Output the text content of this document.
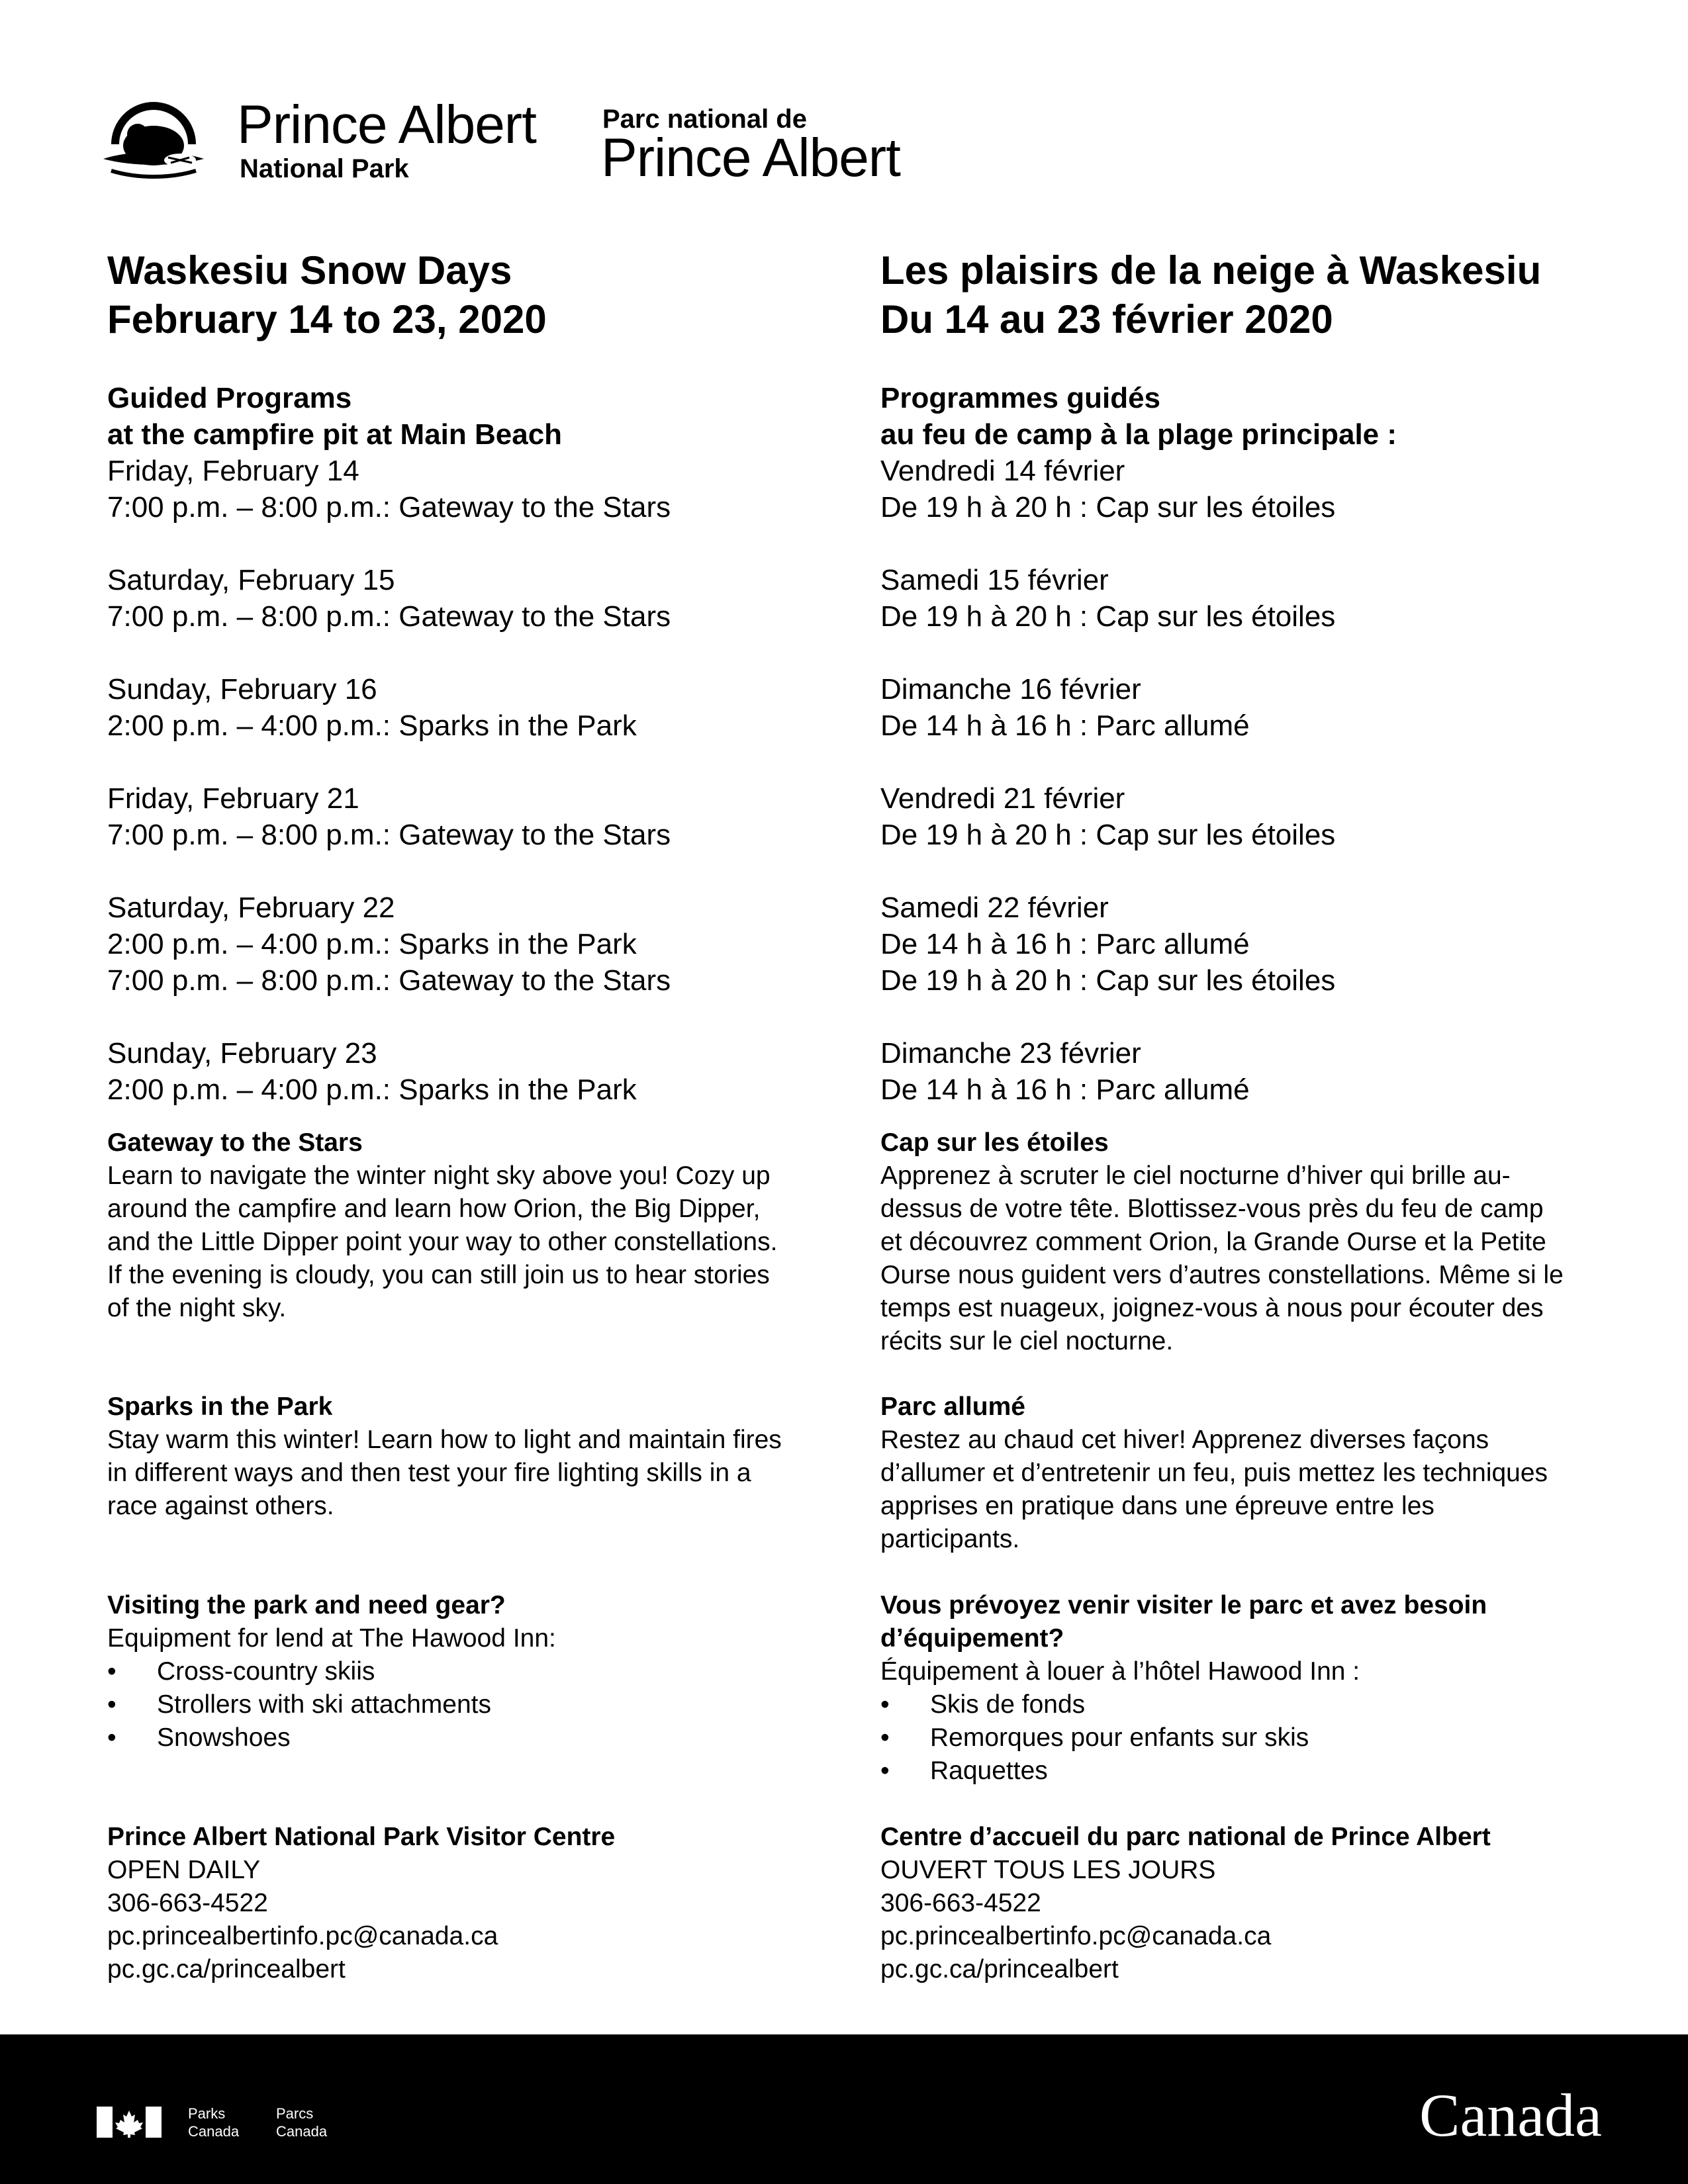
Prince Albert
National Park
Parc national de
Prince Albert
Waskesiu Snow Days
February 14 to 23, 2020
Guided Programs
at the campfire pit at Main Beach
Friday, February 14
7:00 p.m. – 8:00 p.m.: Gateway to the Stars
Saturday, February 15
7:00 p.m. – 8:00 p.m.: Gateway to the Stars
Sunday, February 16
2:00 p.m. – 4:00 p.m.: Sparks in the Park
Friday, February 21
7:00 p.m. – 8:00 p.m.: Gateway to the Stars
Saturday, February 22
2:00 p.m. – 4:00 p.m.: Sparks in the Park
7:00 p.m. – 8:00 p.m.: Gateway to the Stars
Sunday, February 23
2:00 p.m. – 4:00 p.m.: Sparks in the Park
Gateway to the Stars
Learn to navigate the winter night sky above you! Cozy up
around the campfire and learn how Orion, the Big Dipper,
and the Little Dipper point your way to other constellations.
If the evening is cloudy, you can still join us to hear stories
of the night sky.
Sparks in the Park
Stay warm this winter! Learn how to light and maintain fires
in different ways and then test your fire lighting skills in a
race against others.
Visiting the park and need gear?
Equipment for lend at The Hawood Inn:
• Cross-country skiis
• Strollers with ski attachments
• Snowshoes
Prince Albert National Park Visitor Centre
OPEN DAILY
306-663-4522
pc.princealbertinfo.pc@canada.ca
pc.gc.ca/princealbert
Les plaisirs de la neige à Waskesiu
Du 14 au 23 février 2020
Programmes guidés
au feu de camp à la plage principale :
Vendredi 14 février
De 19 h à 20 h : Cap sur les étoiles
Samedi 15 février
De 19 h à 20 h : Cap sur les étoiles
Dimanche 16 février
De 14 h à 16 h : Parc allumé
Vendredi 21 février
De 19 h à 20 h : Cap sur les étoiles
Samedi 22 février
De 14 h à 16 h : Parc allumé
De 19 h à 20 h : Cap sur les étoiles
Dimanche 23 février
De 14 h à 16 h : Parc allumé
Cap sur les étoiles
Apprenez à scruter le ciel nocturne d’hiver qui brille au-
dessus de votre tête. Blottissez-vous près du feu de camp
et découvrez comment Orion, la Grande Ourse et la Petite
Ourse nous guident vers d’autres constellations. Même si le
temps est nuageux, joignez-vous à nous pour écouter des
récits sur le ciel nocturne.
Parc allumé
Restez au chaud cet hiver! Apprenez diverses façons
d’allumer et d’entretenir un feu, puis mettez les techniques
apprises en pratique dans une épreuve entre les
participants.
Vous prévoyez venir visiter le parc et avez besoin
d’équipement?
Équipement à louer à l’hôtel Hawood Inn :
• Skis de fonds
• Remorques pour enfants sur skis
• Raquettes
Centre d’accueil du parc national de Prince Albert
OUVERT TOUS LES JOURS
306-663-4522
pc.princealbertinfo.pc@canada.ca
pc.gc.ca/princealbert
Parks
Canada
Parcs
Canada	Canada
